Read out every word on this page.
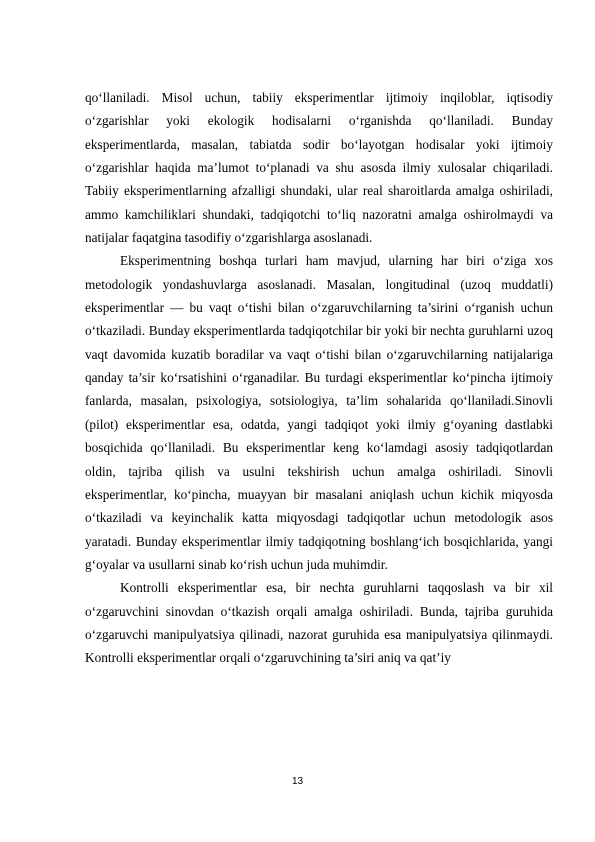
qo‘llaniladi. Misol uchun, tabiiy eksperimentlar ijtimoiy inqiloblar, iqtisodiy o‘zgarishlar yoki ekologik hodisalarni o‘rganishda qo‘llaniladi. Bunday eksperimentlarda, masalan, tabiatda sodir bo‘layotgan hodisalar yoki ijtimoiy o‘zgarishlar haqida ma’lumot to‘planadi va shu asosda ilmiy xulosalar chiqariladi. Tabiiy eksperimentlarning afzalligi shundaki, ular real sharoitlarda amalga oshiriladi, ammo kamchiliklari shundaki, tadqiqotchi to‘liq nazoratni amalga oshirolmaydi va natijalar faqatgina tasodifiy o‘zgarishlarga asoslanadi.

Eksperimentning boshqa turlari ham mavjud, ularning har biri o‘ziga xos metodologik yondashuvlarga asoslanadi. Masalan, longitudinal (uzoq muddatli) eksperimentlar — bu vaqt o‘tishi bilan o‘zgaruvchilarning ta’sirini o‘rganish uchun o‘tkaziladi. Bunday eksperimentlarda tadqiqotchilar bir yoki bir nechta guruhlarni uzoq vaqt davomida kuzatib boradilar va vaqt o‘tishi bilan o‘zgaruvchilarning natijalariga qanday ta’sir ko‘rsatishini o‘rganadilar. Bu turdagi eksperimentlar ko‘pincha ijtimoiy fanlarda, masalan, psixologiya, sotsiologiya, ta’lim sohalarida qo‘llaniladi.Sinovli (pilot) eksperimentlar esa, odatda, yangi tadqiqot yoki ilmiy g‘oyaning dastlabki bosqichida qo‘llaniladi. Bu eksperimentlar keng ko‘lamdagi asosiy tadqiqotlardan oldin, tajriba qilish va usulni tekshirish uchun amalga oshiriladi. Sinovli eksperimentlar, ko‘pincha, muayyan bir masalani aniqlash uchun kichik miqyosda o‘tkaziladi va keyinchalik katta miqyosdagi tadqiqotlar uchun metodologik asos yaratadi. Bunday eksperimentlar ilmiy tadqiqotning boshlang‘ich bosqichlarida, yangi g‘oyalar va usullarni sinab ko‘rish uchun juda muhimdir.

Kontrolli eksperimentlar esa, bir nechta guruhlarni taqqoslash va bir xil o‘zgaruvchini sinovdan o‘tkazish orqali amalga oshiriladi. Bunda, tajriba guruhida o‘zgaruvchi manipulyatsiya qilinadi, nazorat guruhida esa manipulyatsiya qilinmaydi. Kontrolli eksperimentlar orqali o‘zgaruvchining ta’siri aniq va qat’iy

13
